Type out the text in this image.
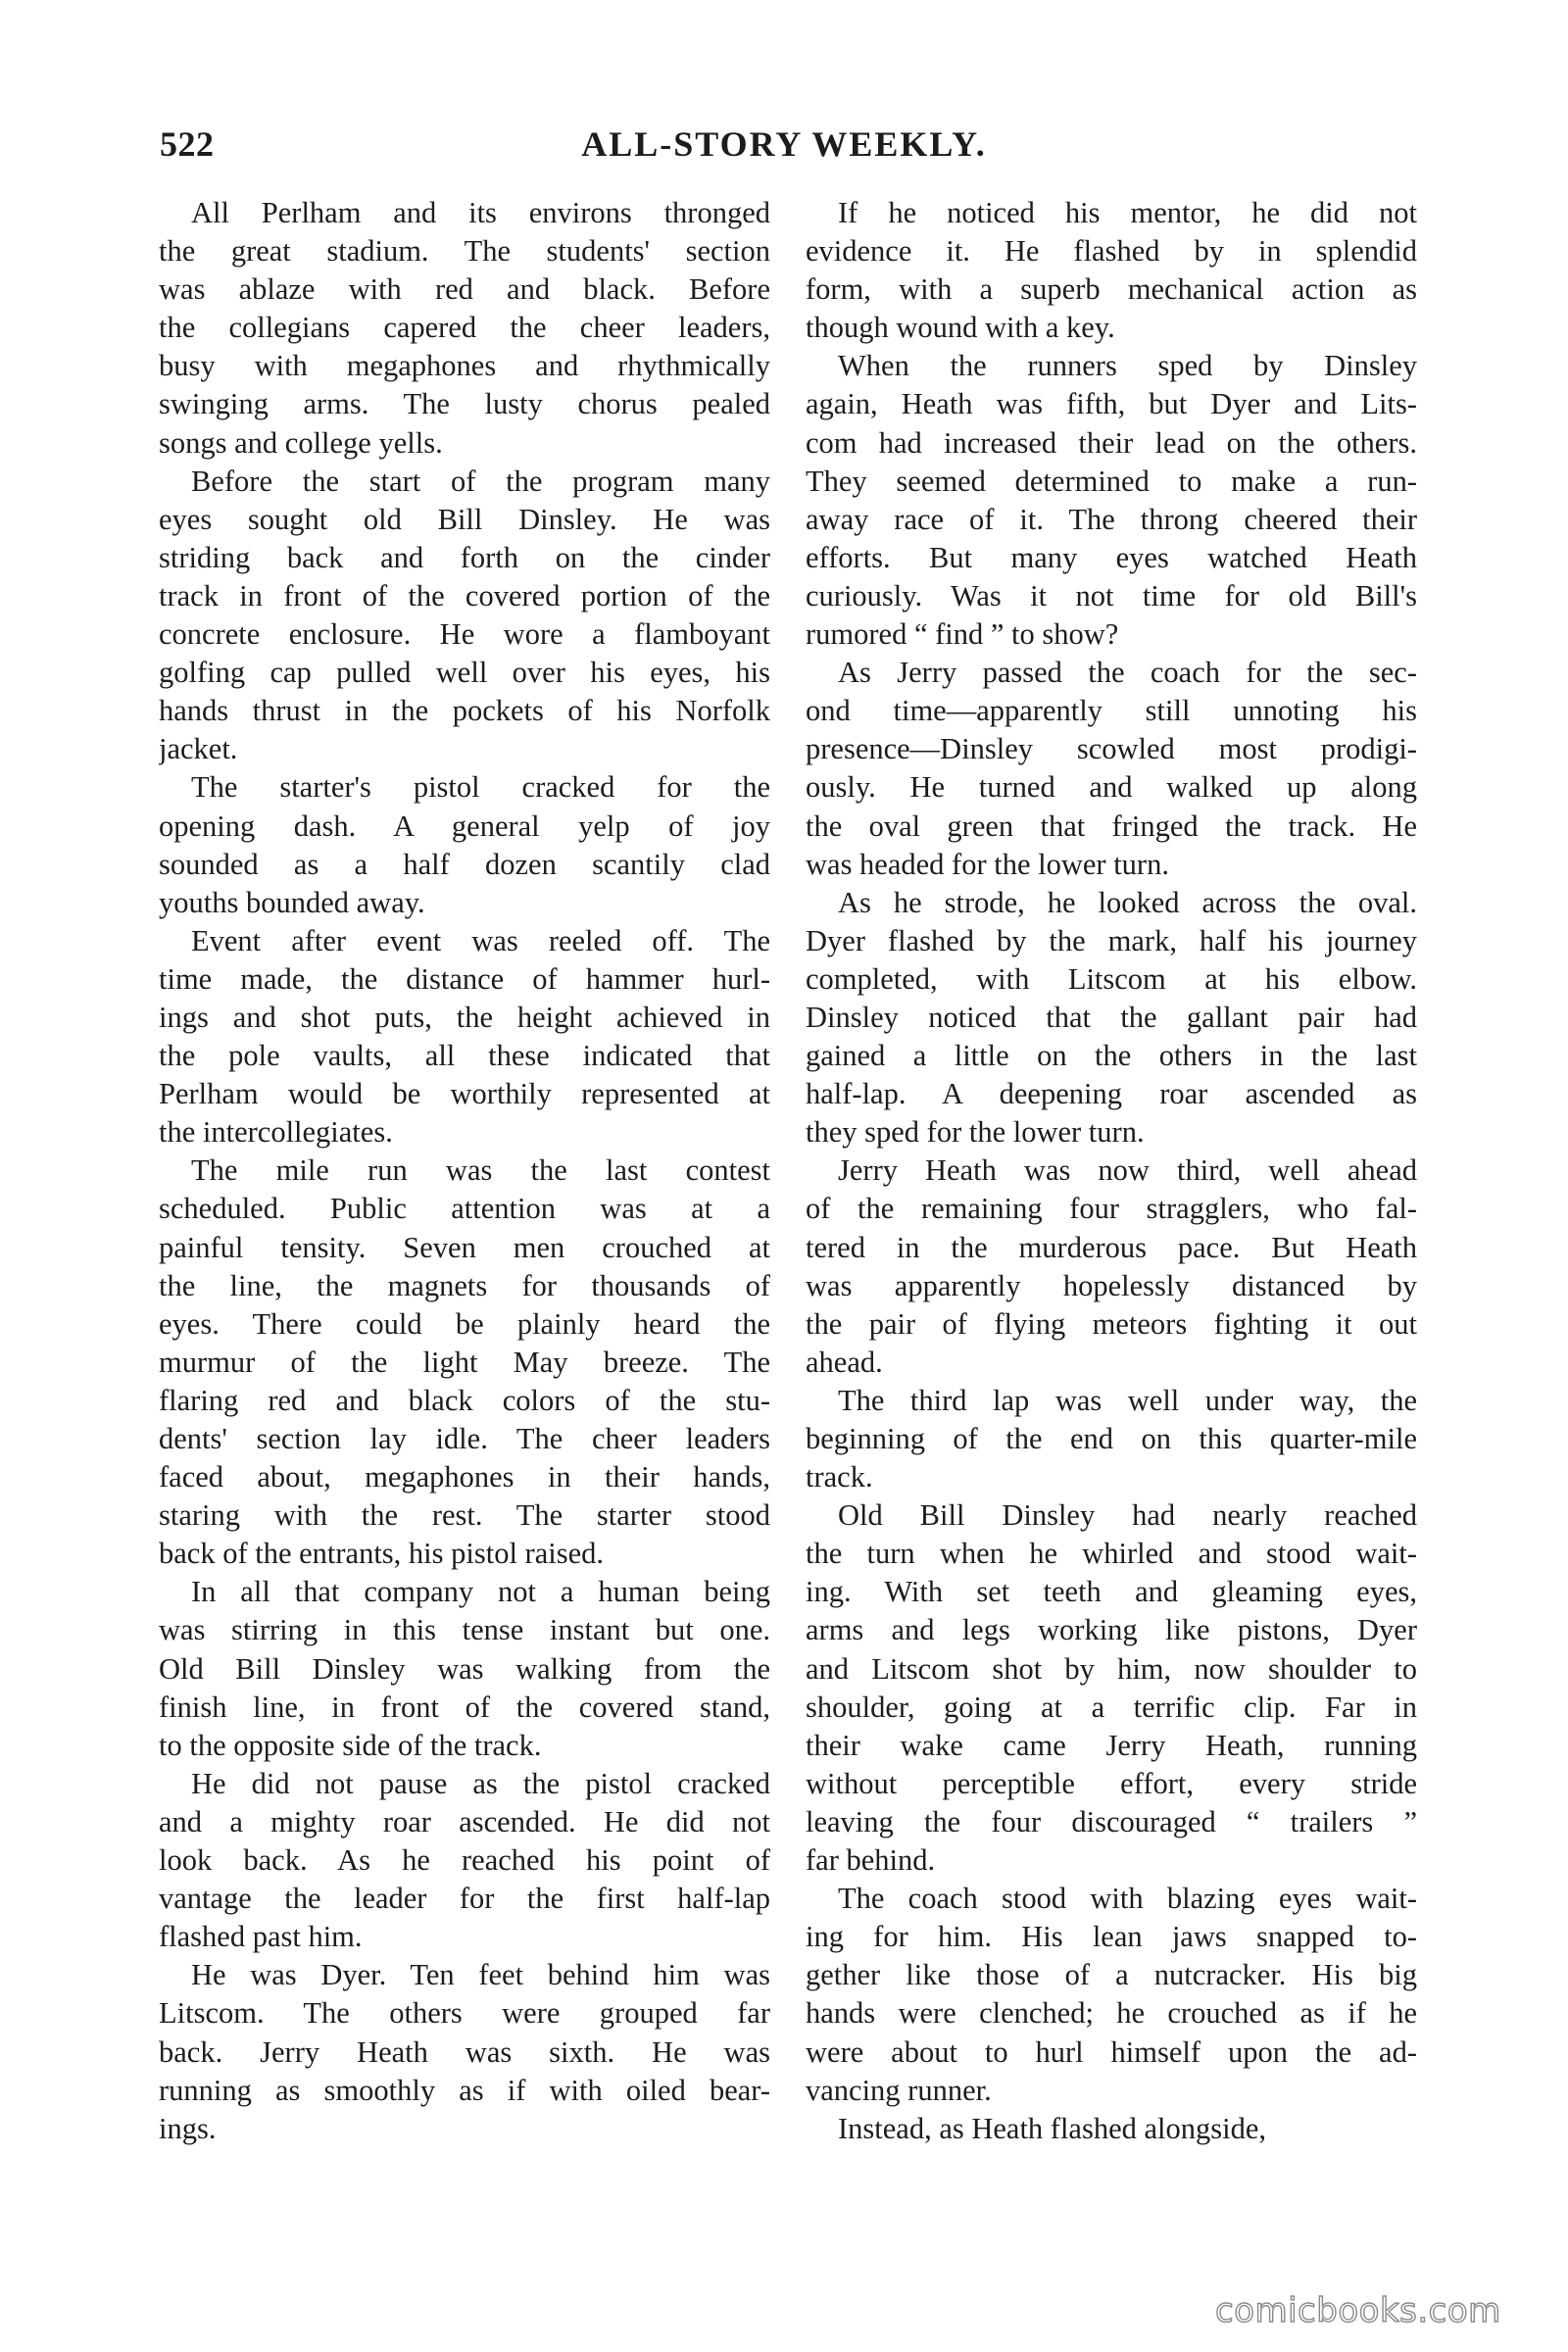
522	ALL-STORY WEEKLY.
All Perlham and its environs thronged
the great stadium. The students' section
was ablaze with red and black. Before
the collegians capered the cheer leaders,
busy with megaphones and rhythmically
swinging arms. The lusty chorus pealed
songs and college yells.
Before the start of the program many
eyes sought old Bill Dinsley. He was
striding back and forth on the cinder
track in front of the covered portion of the
concrete enclosure. He wore a flamboyant
golfing cap pulled well over his eyes, his
hands thrust in the pockets of his Norfolk
jacket.
The starter's pistol cracked for the
opening dash. A general yelp of joy
sounded as a half dozen scantily clad
youths bounded away.
Event after event was reeled off. The
time made, the distance of hammer hurl-
ings and shot puts, the height achieved in
the pole vaults, all these indicated that
Perlham would be worthily represented at
the intercollegiates.
The mile run was the last contest
scheduled. Public attention was at a
painful tensity. Seven men crouched at
the line, the magnets for thousands of
eyes. There could be plainly heard the
murmur of the light May breeze. The
flaring red and black colors of the stu-
dents' section lay idle. The cheer leaders
faced about, megaphones in their hands,
staring with the rest. The starter stood
back of the entrants, his pistol raised.
In all that company not a human being
was stirring in this tense instant but one.
Old Bill Dinsley was walking from the
finish line, in front of the covered stand,
to the opposite side of the track.
He did not pause as the pistol cracked
and a mighty roar ascended. He did not
look back. As he reached his point of
vantage the leader for the first half-lap
flashed past him.
He was Dyer. Ten feet behind him was
Litscom. The others were grouped far
back. Jerry Heath was sixth. He was
running as smoothly as if with oiled bear-
ings.
If he noticed his mentor, he did not
evidence it. He flashed by in splendid
form, with a superb mechanical action as
though wound with a key.
When the runners sped by Dinsley
again, Heath was fifth, but Dyer and Lits-
com had increased their lead on the others.
They seemed determined to make a run-
away race of it. The throng cheered their
efforts. But many eyes watched Heath
curiously. Was it not time for old Bill's
rumored “ find ” to show?
As Jerry passed the coach for the sec-
ond time—apparently still unnoting his
presence—Dinsley scowled most prodigi-
ously. He turned and walked up along
the oval green that fringed the track. He
was headed for the lower turn.
As he strode, he looked across the oval.
Dyer flashed by the mark, half his journey
completed, with Litscom at his elbow.
Dinsley noticed that the gallant pair had
gained a little on the others in the last
half-lap. A deepening roar ascended as
they sped for the lower turn.
Jerry Heath was now third, well ahead
of the remaining four stragglers, who fal-
tered in the murderous pace. But Heath
was apparently hopelessly distanced by
the pair of flying meteors fighting it out
ahead.
The third lap was well under way, the
beginning of the end on this quarter-mile
track.
Old Bill Dinsley had nearly reached
the turn when he whirled and stood wait-
ing. With set teeth and gleaming eyes,
arms and legs working like pistons, Dyer
and Litscom shot by him, now shoulder to
shoulder, going at a terrific clip. Far in
their wake came Jerry Heath, running
without perceptible effort, every stride
leaving the four discouraged “ trailers ”
far behind.
The coach stood with blazing eyes wait-
ing for him. His lean jaws snapped to-
gether like those of a nutcracker. His big
hands were clenched; he crouched as if he
were about to hurl himself upon the ad-
vancing runner.
Instead, as Heath flashed alongside,
comicbooks.com
